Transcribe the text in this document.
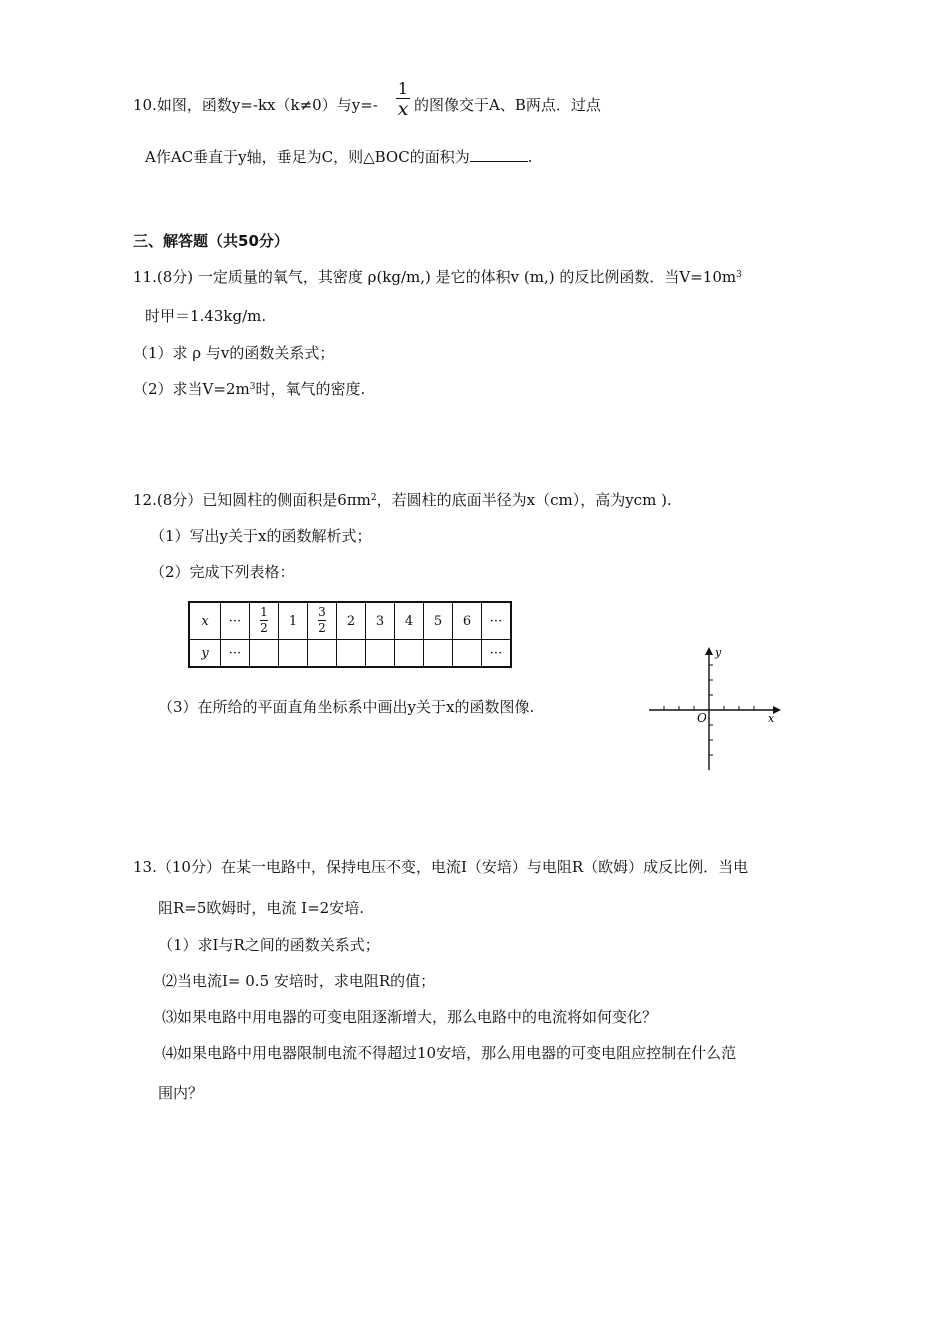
10.如图，函数y=-kx（k≠0）与y=-
1
x 的图像交于A、B两点．过点
A作AC垂直于y轴，垂足为C，则△BOC的面积为	.
三、解答题（共50分）
11.(8分) 一定质量的氧气，其密度 ρ(kg/m,) 是它的体积v (m,) 的反比例函数．当$V=10m^3$
时甲＝1.43kg/m.
（1）求 ρ 与v的函数关系式；
（2）求当$V=2m^3$时，氧气的密度.
12.(8分）已知圆柱的侧面积是$6\pi m^2$，若圆柱的底面半径为x（cm），高为ycm ).
（1）写出y关于x的函数解析式；
（2）完成下列表格：
x	···	$\frac{1}{2}$	1	$\frac{3}{2}$	2	3	4	5	6	···
y	···									···
（3）在所给的平面直角坐标系中画出y关于x的函数图像.
x
y
O
13.（10分）在某一电路中，保持电压不变，电流I（安培）与电阻R（欧姆）成反比例．当电
阻R=5欧姆时，电流 I=2安培.
（1）求I与R之间的函数关系式；
⑵当电流I= 0.5 安培时，求电阻R的值；
⑶如果电路中用电器的可变电阻逐渐增大，那么电路中的电流将如何变化？
⑷如果电路中用电器限制电流不得超过10安培，那么用电器的可变电阻应控制在什么范
围内？
